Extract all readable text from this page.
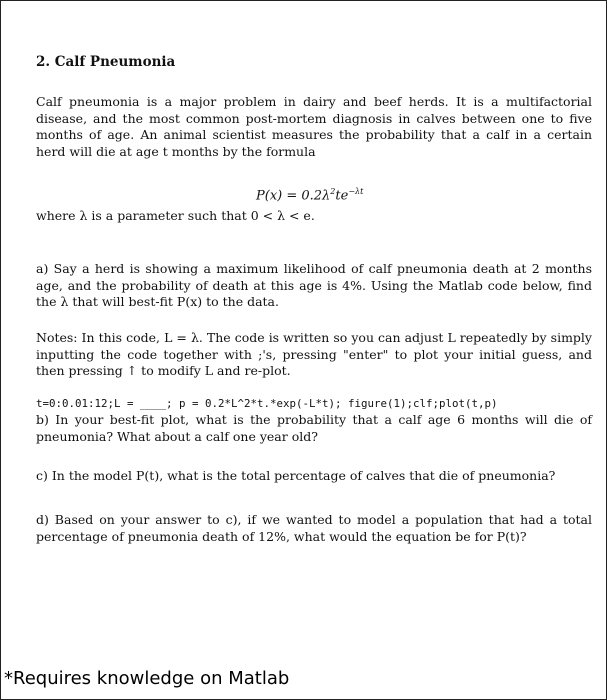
2. Calf Pneumonia

Calf pneumonia is a major problem in dairy and beef herds. It is a multifactorial disease, and the most common post-mortem diagnosis in calves between one to five months of age. An animal scientist measures the probability that a calf in a certain herd will die at age t months by the formula

$P(x) = 0.2\lambda^2te^{-\lambda t}$

where λ is a parameter such that 0 < λ < e.

a) Say a herd is showing a maximum likelihood of calf pneumonia death at 2 months age, and the probability of death at this age is 4%. Using the Matlab code below, find the λ that will best-fit P(x) to the data.

Notes: In this code, L = λ. The code is written so you can adjust L repeatedly by simply inputting the code together with ;'s, pressing "enter" to plot your initial guess, and then pressing ↑ to modify L and re-plot.

t=0:0.01:12;L = ____; p = 0.2*L^2*t.*exp(-L*t); figure(1);clf;plot(t,p)

b) In your best-fit plot, what is the probability that a calf age 6 months will die of pneumonia? What about a calf one year old?

c) In the model P(t), what is the total percentage of calves that die of pneumonia?

d) Based on your answer to c), if we wanted to model a population that had a total percentage of pneumonia death of 12%, what would the equation be for P(t)?

*Requires knowledge on Matlab
